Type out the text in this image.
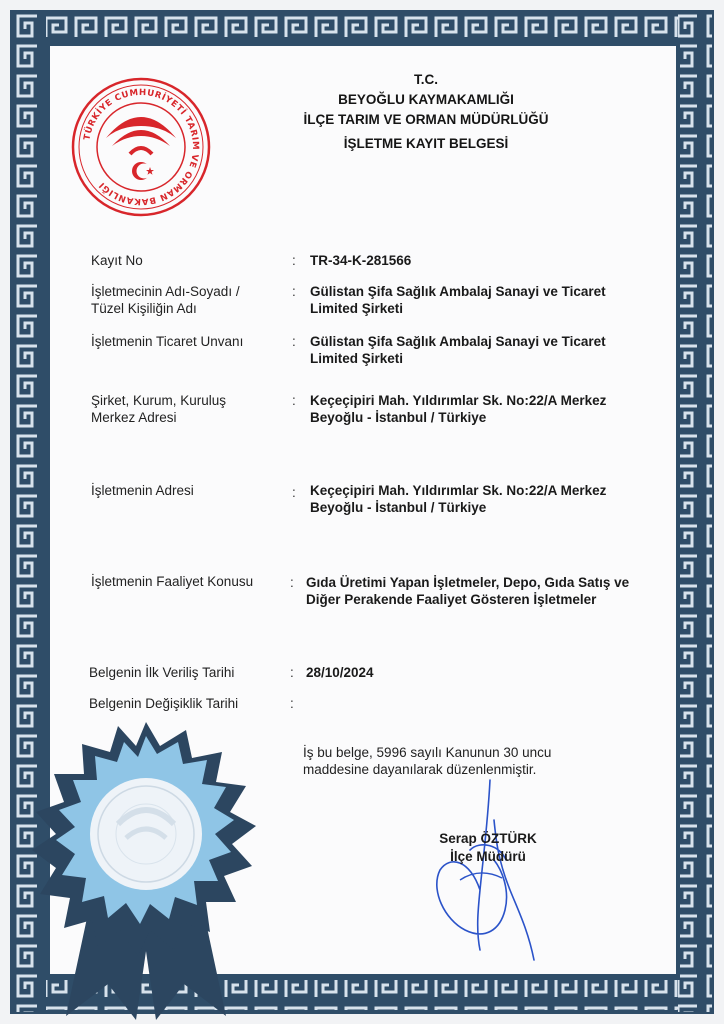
TÜRKİYE CUMHURİYETİ TARIM VE ORMAN BAKANLIĞI
T.C.
BEYOĞLU KAYMAKAMLIĞI
İLÇE TARIM VE ORMAN MÜDÜRLÜĞÜ
İŞLETME KAYIT BELGESİ
Kayıt No	:	TR-34-K-281566
İşletmecinin Adı-Soyadı / Tüzel Kişiliğin Adı
:	Gülistan Şifa Sağlık Ambalaj Sanayi ve Ticaret Limited Şirketi
İşletmenin Ticaret Unvanı	:	Gülistan Şifa Sağlık Ambalaj Sanayi ve Ticaret Limited Şirketi
Şirket, Kurum, Kuruluş Merkez Adresi
:	Keçeçipiri Mah. Yıldırımlar Sk. No:22/A Merkez Beyoğlu - İstanbul / Türkiye
İşletmenin Adresi	:	Keçeçipiri Mah. Yıldırımlar Sk. No:22/A Merkez Beyoğlu - İstanbul / Türkiye
İşletmenin Faaliyet Konusu	: Gıda Üretimi Yapan İşletmeler, Depo, Gıda Satış ve Diğer Perakende Faaliyet Gösteren İşletmeler
Belgenin İlk Veriliş Tarihi	: 28/10/2024
Belgenin Değişiklik Tarihi	:
İş bu belge, 5996 sayılı Kanunun 30 uncu maddesine dayanılarak düzenlenmiştir.
Serap ÖZTÜRK
İlçe Müdürü
